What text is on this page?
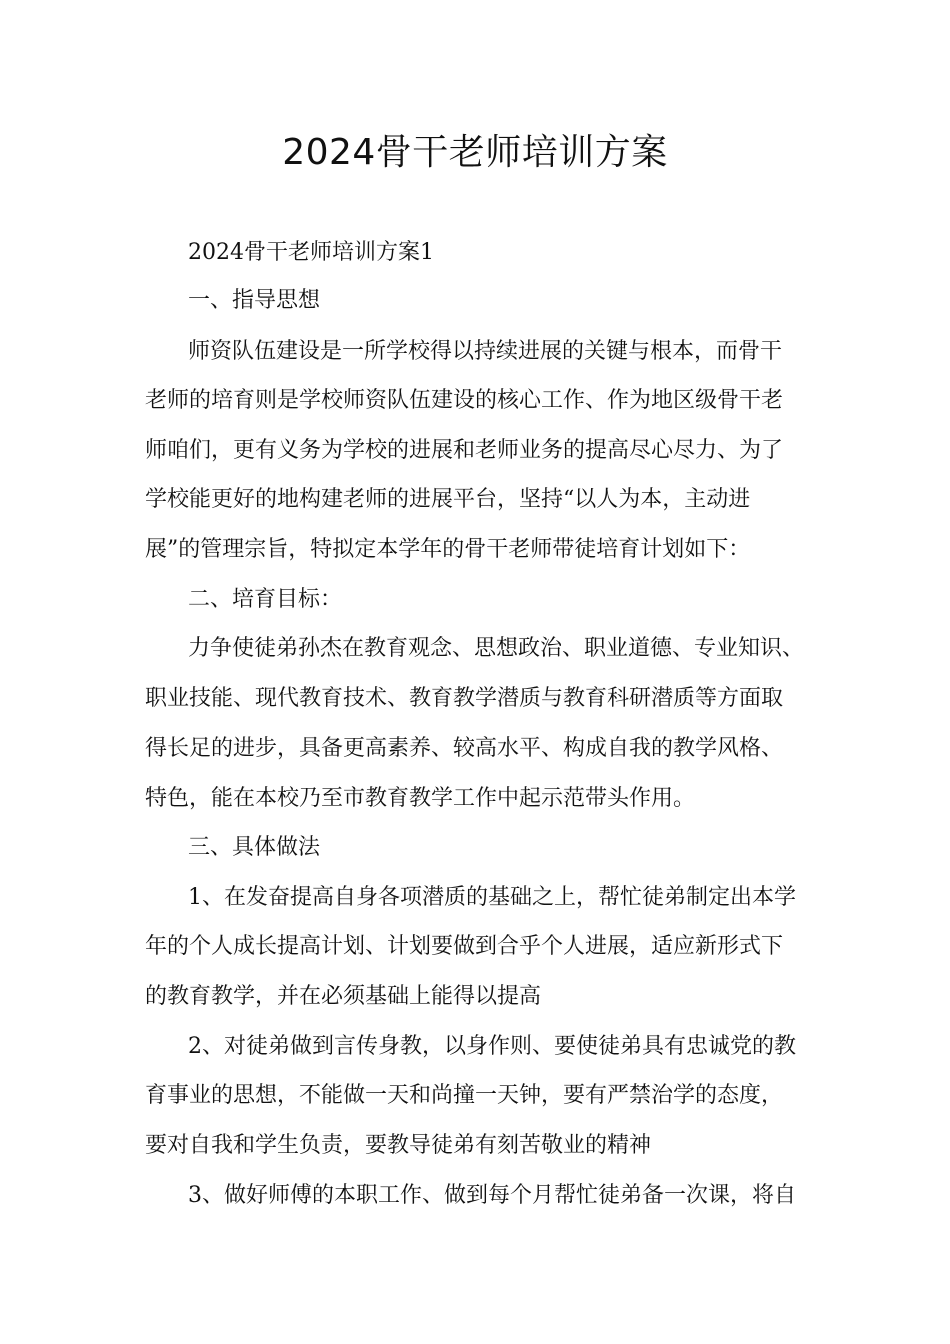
2024骨干老师培训方案

2024骨干老师培训方案1

一、指导思想

师资队伍建设是一所学校得以持续进展的关键与根本，而骨干

老师的培育则是学校师资队伍建设的核心工作、作为地区级骨干老

师咱们，更有义务为学校的进展和老师业务的提高尽心尽力、为了

学校能更好的地构建老师的进展平台，坚持“以人为本，主动进

展”的管理宗旨，特拟定本学年的骨干老师带徒培育计划如下：

二、培育目标：

力争使徒弟孙杰在教育观念、思想政治、职业道德、专业知识、

职业技能、现代教育技术、教育教学潜质与教育科研潜质等方面取

得长足的进步，具备更高素养、较高水平、构成自我的教学风格、

特色，能在本校乃至市教育教学工作中起示范带头作用。

三、具体做法

1、在发奋提高自身各项潜质的基础之上，帮忙徒弟制定出本学

年的个人成长提高计划、计划要做到合乎个人进展，适应新形式下

的教育教学，并在必须基础上能得以提高

2、对徒弟做到言传身教，以身作则、要使徒弟具有忠诚党的教

育事业的思想，不能做一天和尚撞一天钟，要有严禁治学的态度，

要对自我和学生负责，要教导徒弟有刻苦敬业的精神

3、做好师傅的本职工作、做到每个月帮忙徒弟备一次课，将自
